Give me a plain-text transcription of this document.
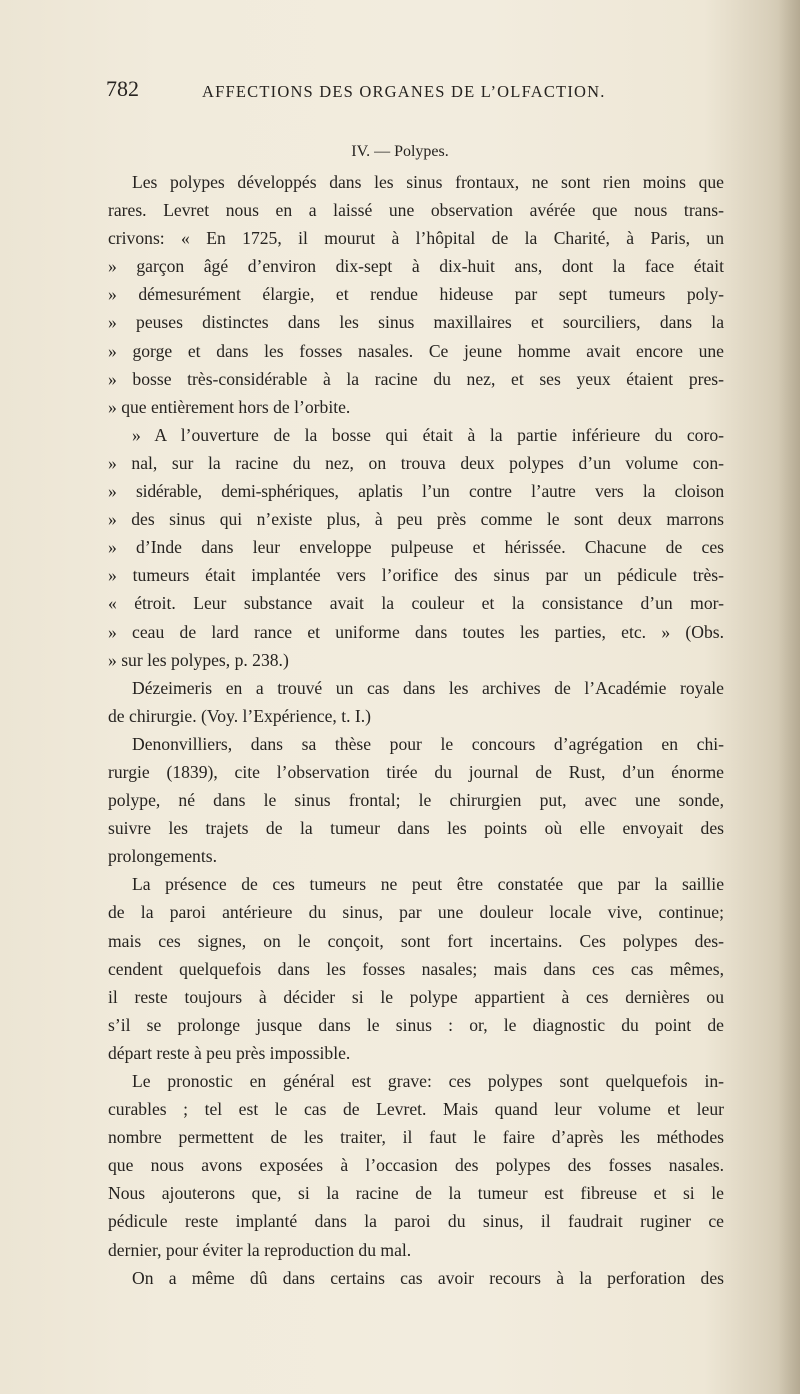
782	AFFECTIONS DES ORGANES DE L’OLFACTION.
IV. — Polypes.
Les polypes développés dans les sinus frontaux, ne sont rien moins que
rares. Levret nous en a laissé une observation avérée que nous trans-
crivons: « En 1725, il mourut à l’hôpital de la Charité, à Paris, un
» garçon âgé d’environ dix-sept à dix-huit ans, dont la face était
» démesurément élargie, et rendue hideuse par sept tumeurs poly-
» peuses distinctes dans les sinus maxillaires et sourciliers, dans la
» gorge et dans les fosses nasales. Ce jeune homme avait encore une
» bosse très-considérable à la racine du nez, et ses yeux étaient pres-
» que entièrement hors de l’orbite.
» A l’ouverture de la bosse qui était à la partie inférieure du coro-
» nal, sur la racine du nez, on trouva deux polypes d’un volume con-
» sidérable, demi-sphériques, aplatis l’un contre l’autre vers la cloison
» des sinus qui n’existe plus, à peu près comme le sont deux marrons
» d’Inde dans leur enveloppe pulpeuse et hérissée. Chacune de ces
» tumeurs était implantée vers l’orifice des sinus par un pédicule très-
« étroit. Leur substance avait la couleur et la consistance d’un mor-
» ceau de lard rance et uniforme dans toutes les parties, etc. » (Obs.
» sur les polypes, p. 238.)
Dézeimeris en a trouvé un cas dans les archives de l’Académie royale
de chirurgie. (Voy. l’Expérience, t. I.)
Denonvilliers, dans sa thèse pour le concours d’agrégation en chi-
rurgie (1839), cite l’observation tirée du journal de Rust, d’un énorme
polype, né dans le sinus frontal; le chirurgien put, avec une sonde,
suivre les trajets de la tumeur dans les points où elle envoyait des
prolongements.
La présence de ces tumeurs ne peut être constatée que par la saillie
de la paroi antérieure du sinus, par une douleur locale vive, continue;
mais ces signes, on le conçoit, sont fort incertains. Ces polypes des-
cendent quelquefois dans les fosses nasales; mais dans ces cas mêmes,
il reste toujours à décider si le polype appartient à ces dernières ou
s’il se prolonge jusque dans le sinus : or, le diagnostic du point de
départ reste à peu près impossible.
Le pronostic en général est grave: ces polypes sont quelquefois in-
curables ; tel est le cas de Levret. Mais quand leur volume et leur
nombre permettent de les traiter, il faut le faire d’après les méthodes
que nous avons exposées à l’occasion des polypes des fosses nasales.
Nous ajouterons que, si la racine de la tumeur est fibreuse et si le
pédicule reste implanté dans la paroi du sinus, il faudrait ruginer ce
dernier, pour éviter la reproduction du mal.
On a même dû dans certains cas avoir recours à la perforation des
